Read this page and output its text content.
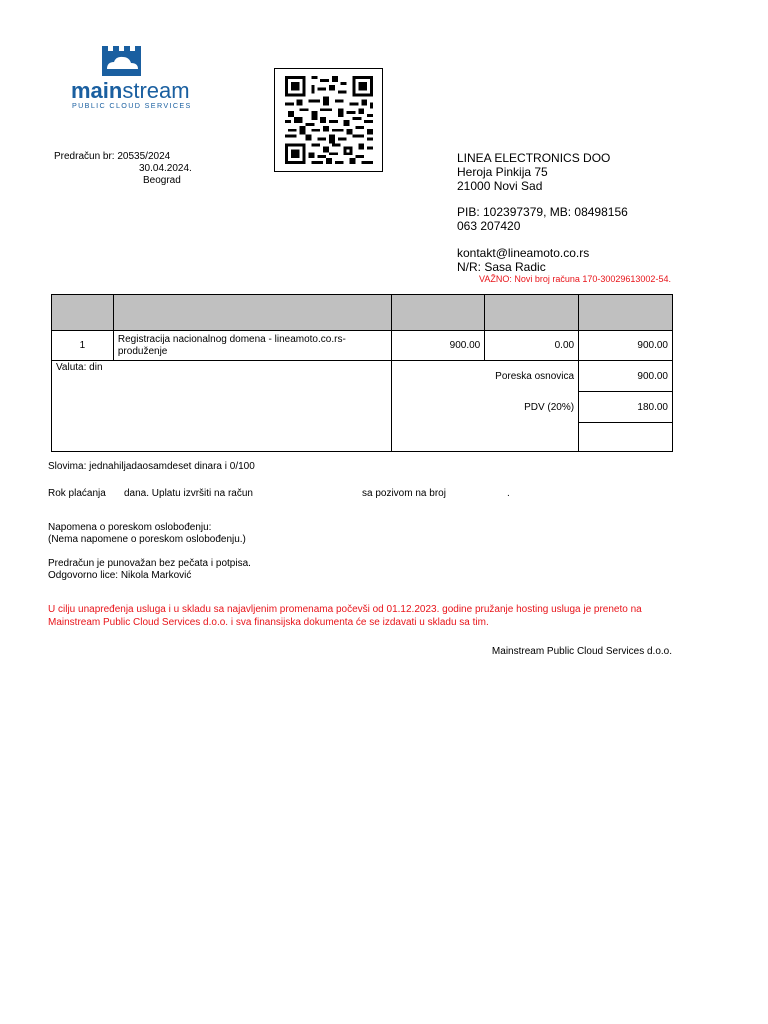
mainstream
PUBLIC CLOUD SERVICES
Predračun br: 20535/2024
30.04.2024.
Beograd
LINEA ELECTRONICS DOO
Heroja Pinkija 75
21000 Novi Sad
PIB: 102397379, MB: 08498156
063 207420
kontakt@lineamoto.co.rs
N/R: Sasa Radic
VAŽNO: Novi broj računa 170-30029613002-54.

1	Registracija nacionalnog domena - lineamoto.co.rs-
produženje	900.00	0.00	900.00
Valuta: din		Poreska osnovica		900.00
		PDV (20%)		180.00

Slovima: jednahiljadaosamdeset dinara i 0/100
Rok plaćanja dana. Uplatu izvršiti na račun	sa pozivom na broj	.
Napomena o poreskom oslobođenju:
(Nema napomene o poreskom oslobođenju.)
Predračun je punovažan bez pečata i potpisa.
Odgovorno lice: Nikola Marković
U cilju unapređenja usluga i u skladu sa najavljenim promenama počevši od 01.12.2023. godine pružanje hosting usluga je preneto na
Mainstream Public Cloud Services d.o.o. i sva finansijska dokumenta će se izdavati u skladu sa tim.
Mainstream Public Cloud Services d.o.o.
